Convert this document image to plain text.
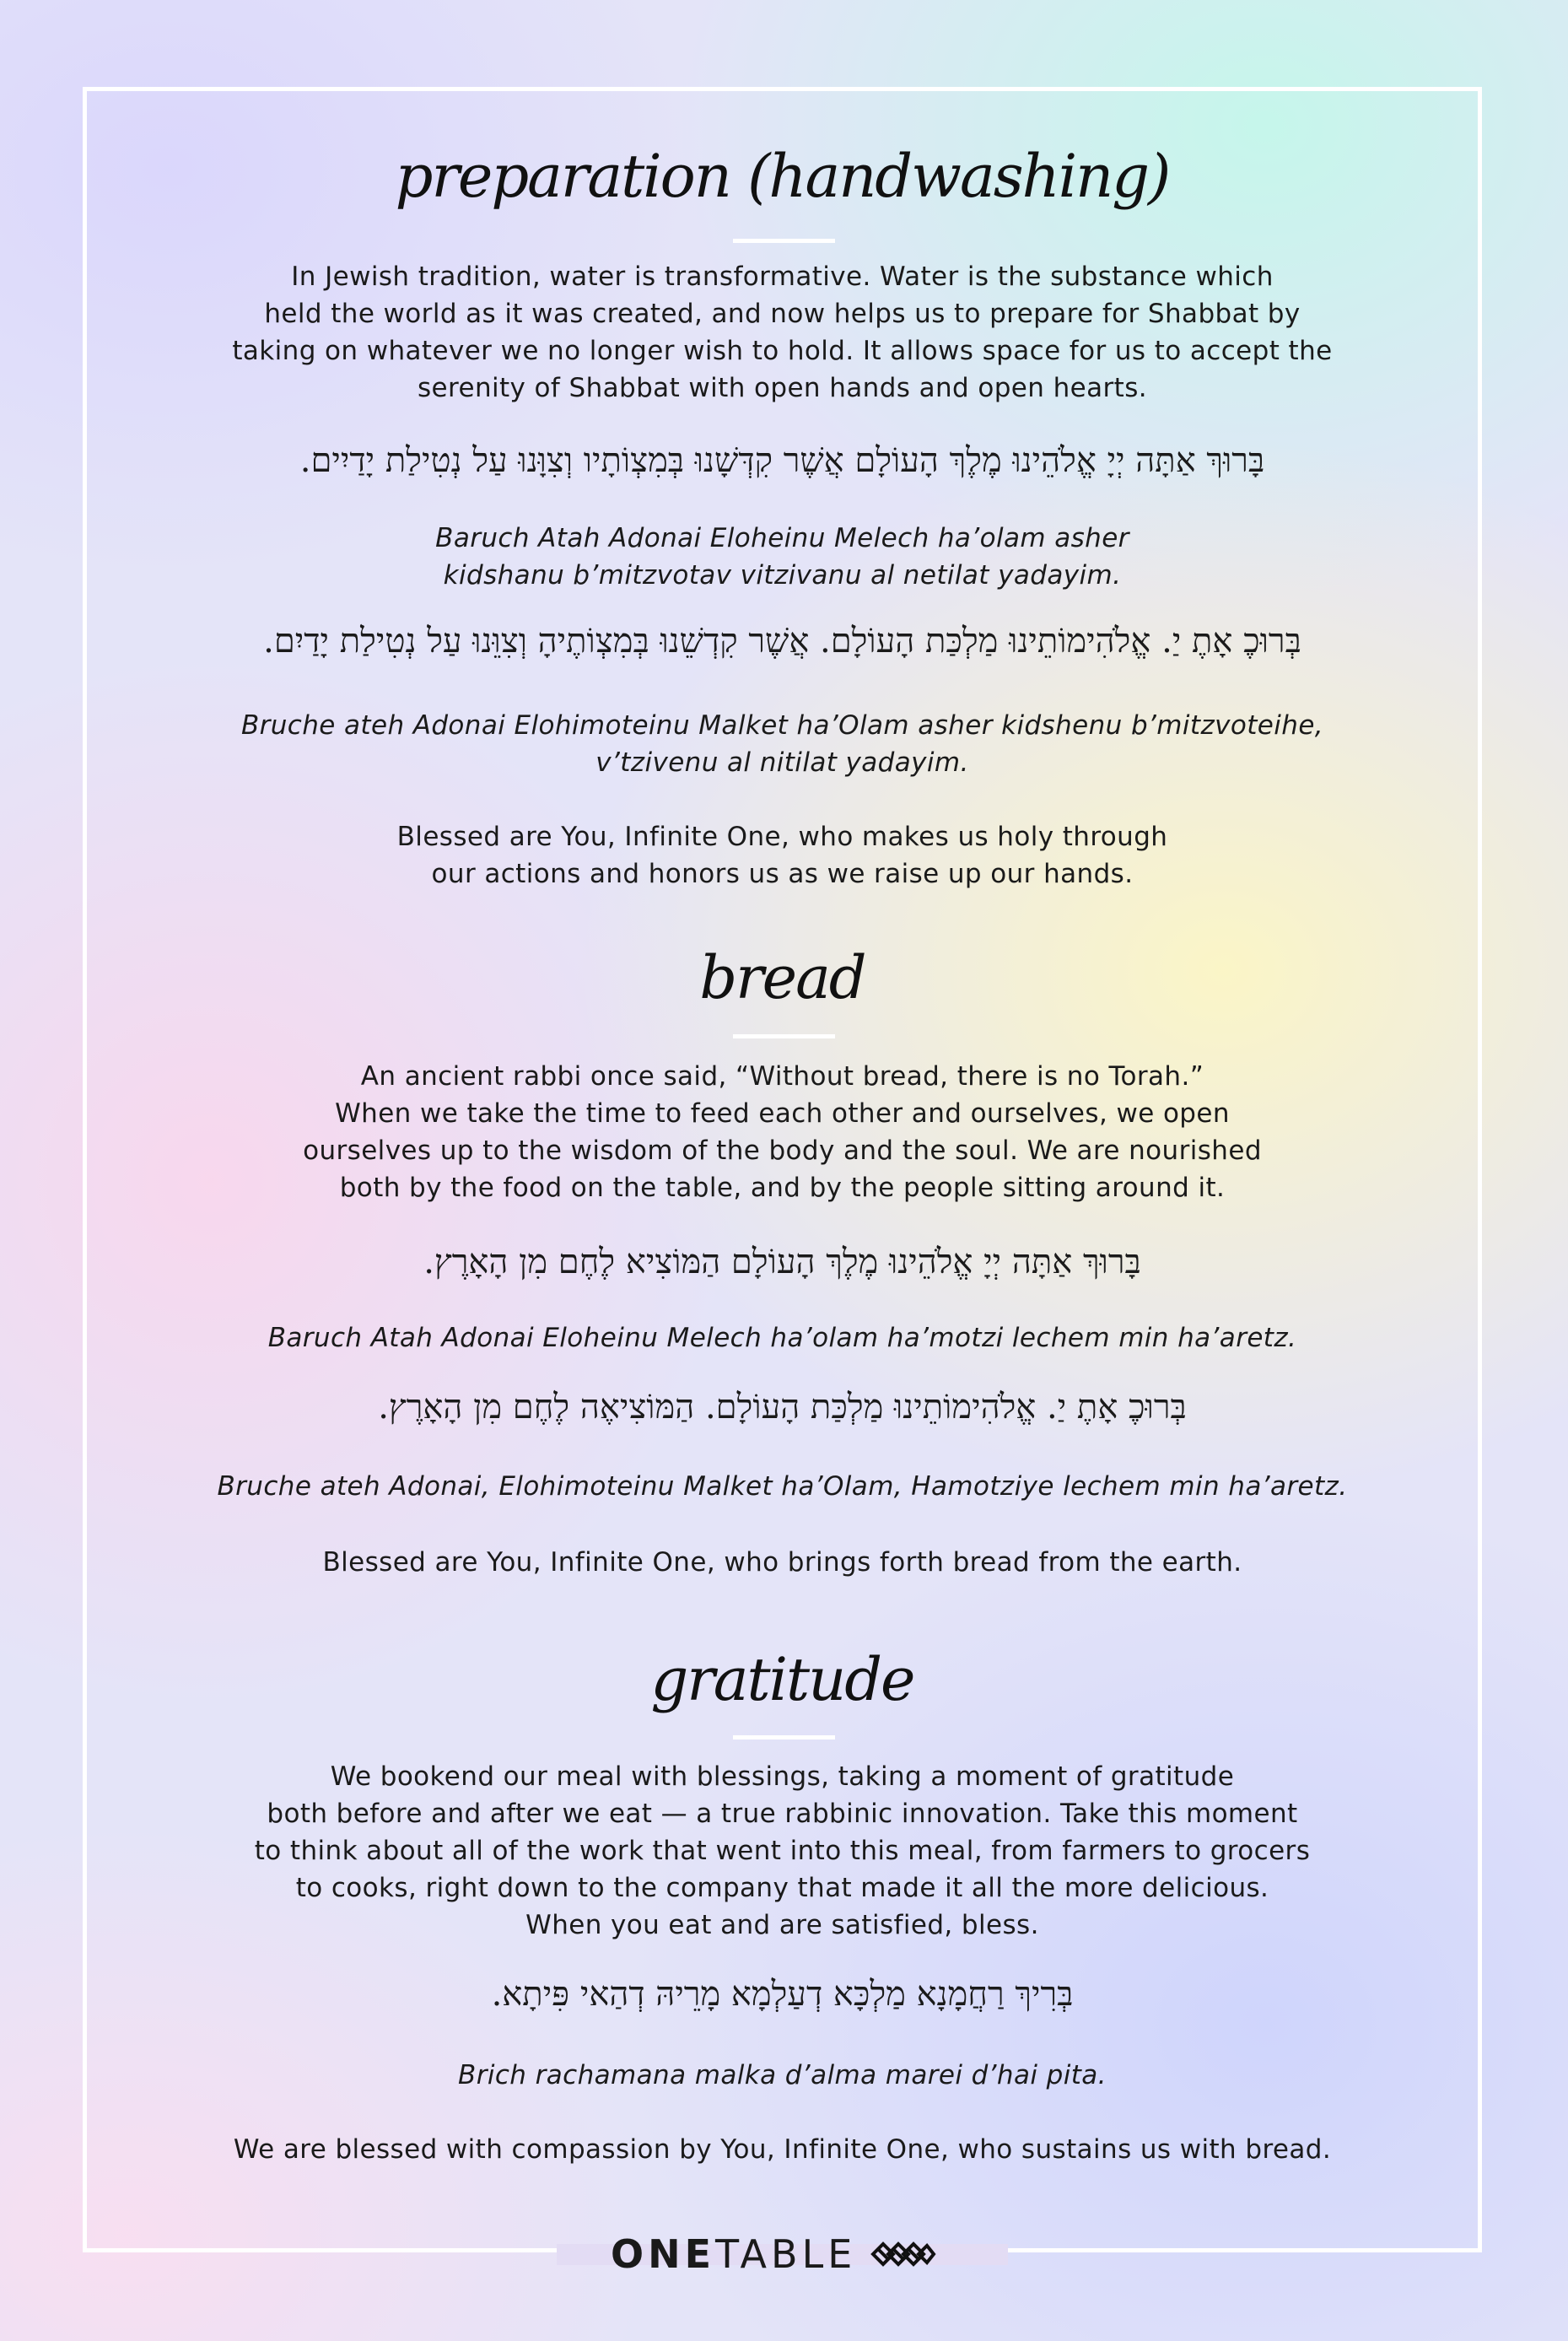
preparation (handwashing)
In Jewish tradition, water is transformative. Water is the substance which
held the world as it was created, and now helps us to prepare for Shabbat by
taking on whatever we no longer wish to hold. It allows space for us to accept the
serenity of Shabbat with open hands and open hearts.
בָּרוּךְ אַתָּה יְיָ אֱלֹהֵינוּ מֶלֶךְ הָעוֹלָם אֲשֶׁר קִדְּשָׁנוּ בְּמִצְוֹתָיו וְצִוָּנוּ עַל נְטִילַת יָדַיִים.
Baruch Atah Adonai Eloheinu Melech ha’olam asher
kidshanu b’mitzvotav vitzivanu al netilat yadayim.
בְּרוּכֶ אָתֶ יַ. אֱלֹהִימוֹתֵינוּ מַלְכַּת הָעוֹלָם. אֲשֶׁר קִדְשֵׁנוּ בְּמִצְוֹתֶיהָ וְצִוֵּנוּ עַל נְטִילַת יָדַיִם.
Bruche ateh Adonai Elohimoteinu Malket ha’Olam asher kidshenu b’mitzvoteihe,
v’tzivenu al nitilat yadayim.
Blessed are You, Infinite One, who makes us holy through
our actions and honors us as we raise up our hands.
bread
An ancient rabbi once said, “Without bread, there is no Torah.”
When we take the time to feed each other and ourselves, we open
ourselves up to the wisdom of the body and the soul. We are nourished
both by the food on the table, and by the people sitting around it.
בָּרוּךְ אַתָּה יְיָ אֱלֹהֵינוּ מֶלֶךְ הָעוֹלָם הַמּוֹצִיא לֶחֶם מִן הָאָרֶץ.
Baruch Atah Adonai Eloheinu Melech ha’olam ha’motzi lechem min ha’aretz.
בְּרוּכֶ אָתֶ יַ. אֱלֹהִימוֹתֵינוּ מַלְכַּת הָעוֹלָם. הַמּוֹצִיאֶה לֶחֶם מִן הָאָרֶץ.
Bruche ateh Adonai, Elohimoteinu Malket ha’Olam, Hamotziye lechem min ha’aretz.
Blessed are You, Infinite One, who brings forth bread from the earth.
gratitude
We bookend our meal with blessings, taking a moment of gratitude
both before and after we eat — a true rabbinic innovation. Take this moment
to think about all of the work that went into this meal, from farmers to grocers
to cooks, right down to the company that made it all the more delicious.
When you eat and are satisfied, bless.
בְּרִיךְ רַחֲמָנָא מַלְכָּא דְעַלְמָא מָרֵיהּ דְהַאי פִּיתָא.
Brich rachamana malka d’alma marei d’hai pita.
We are blessed with compassion by You, Infinite One, who sustains us with bread.
ONE TABLE
